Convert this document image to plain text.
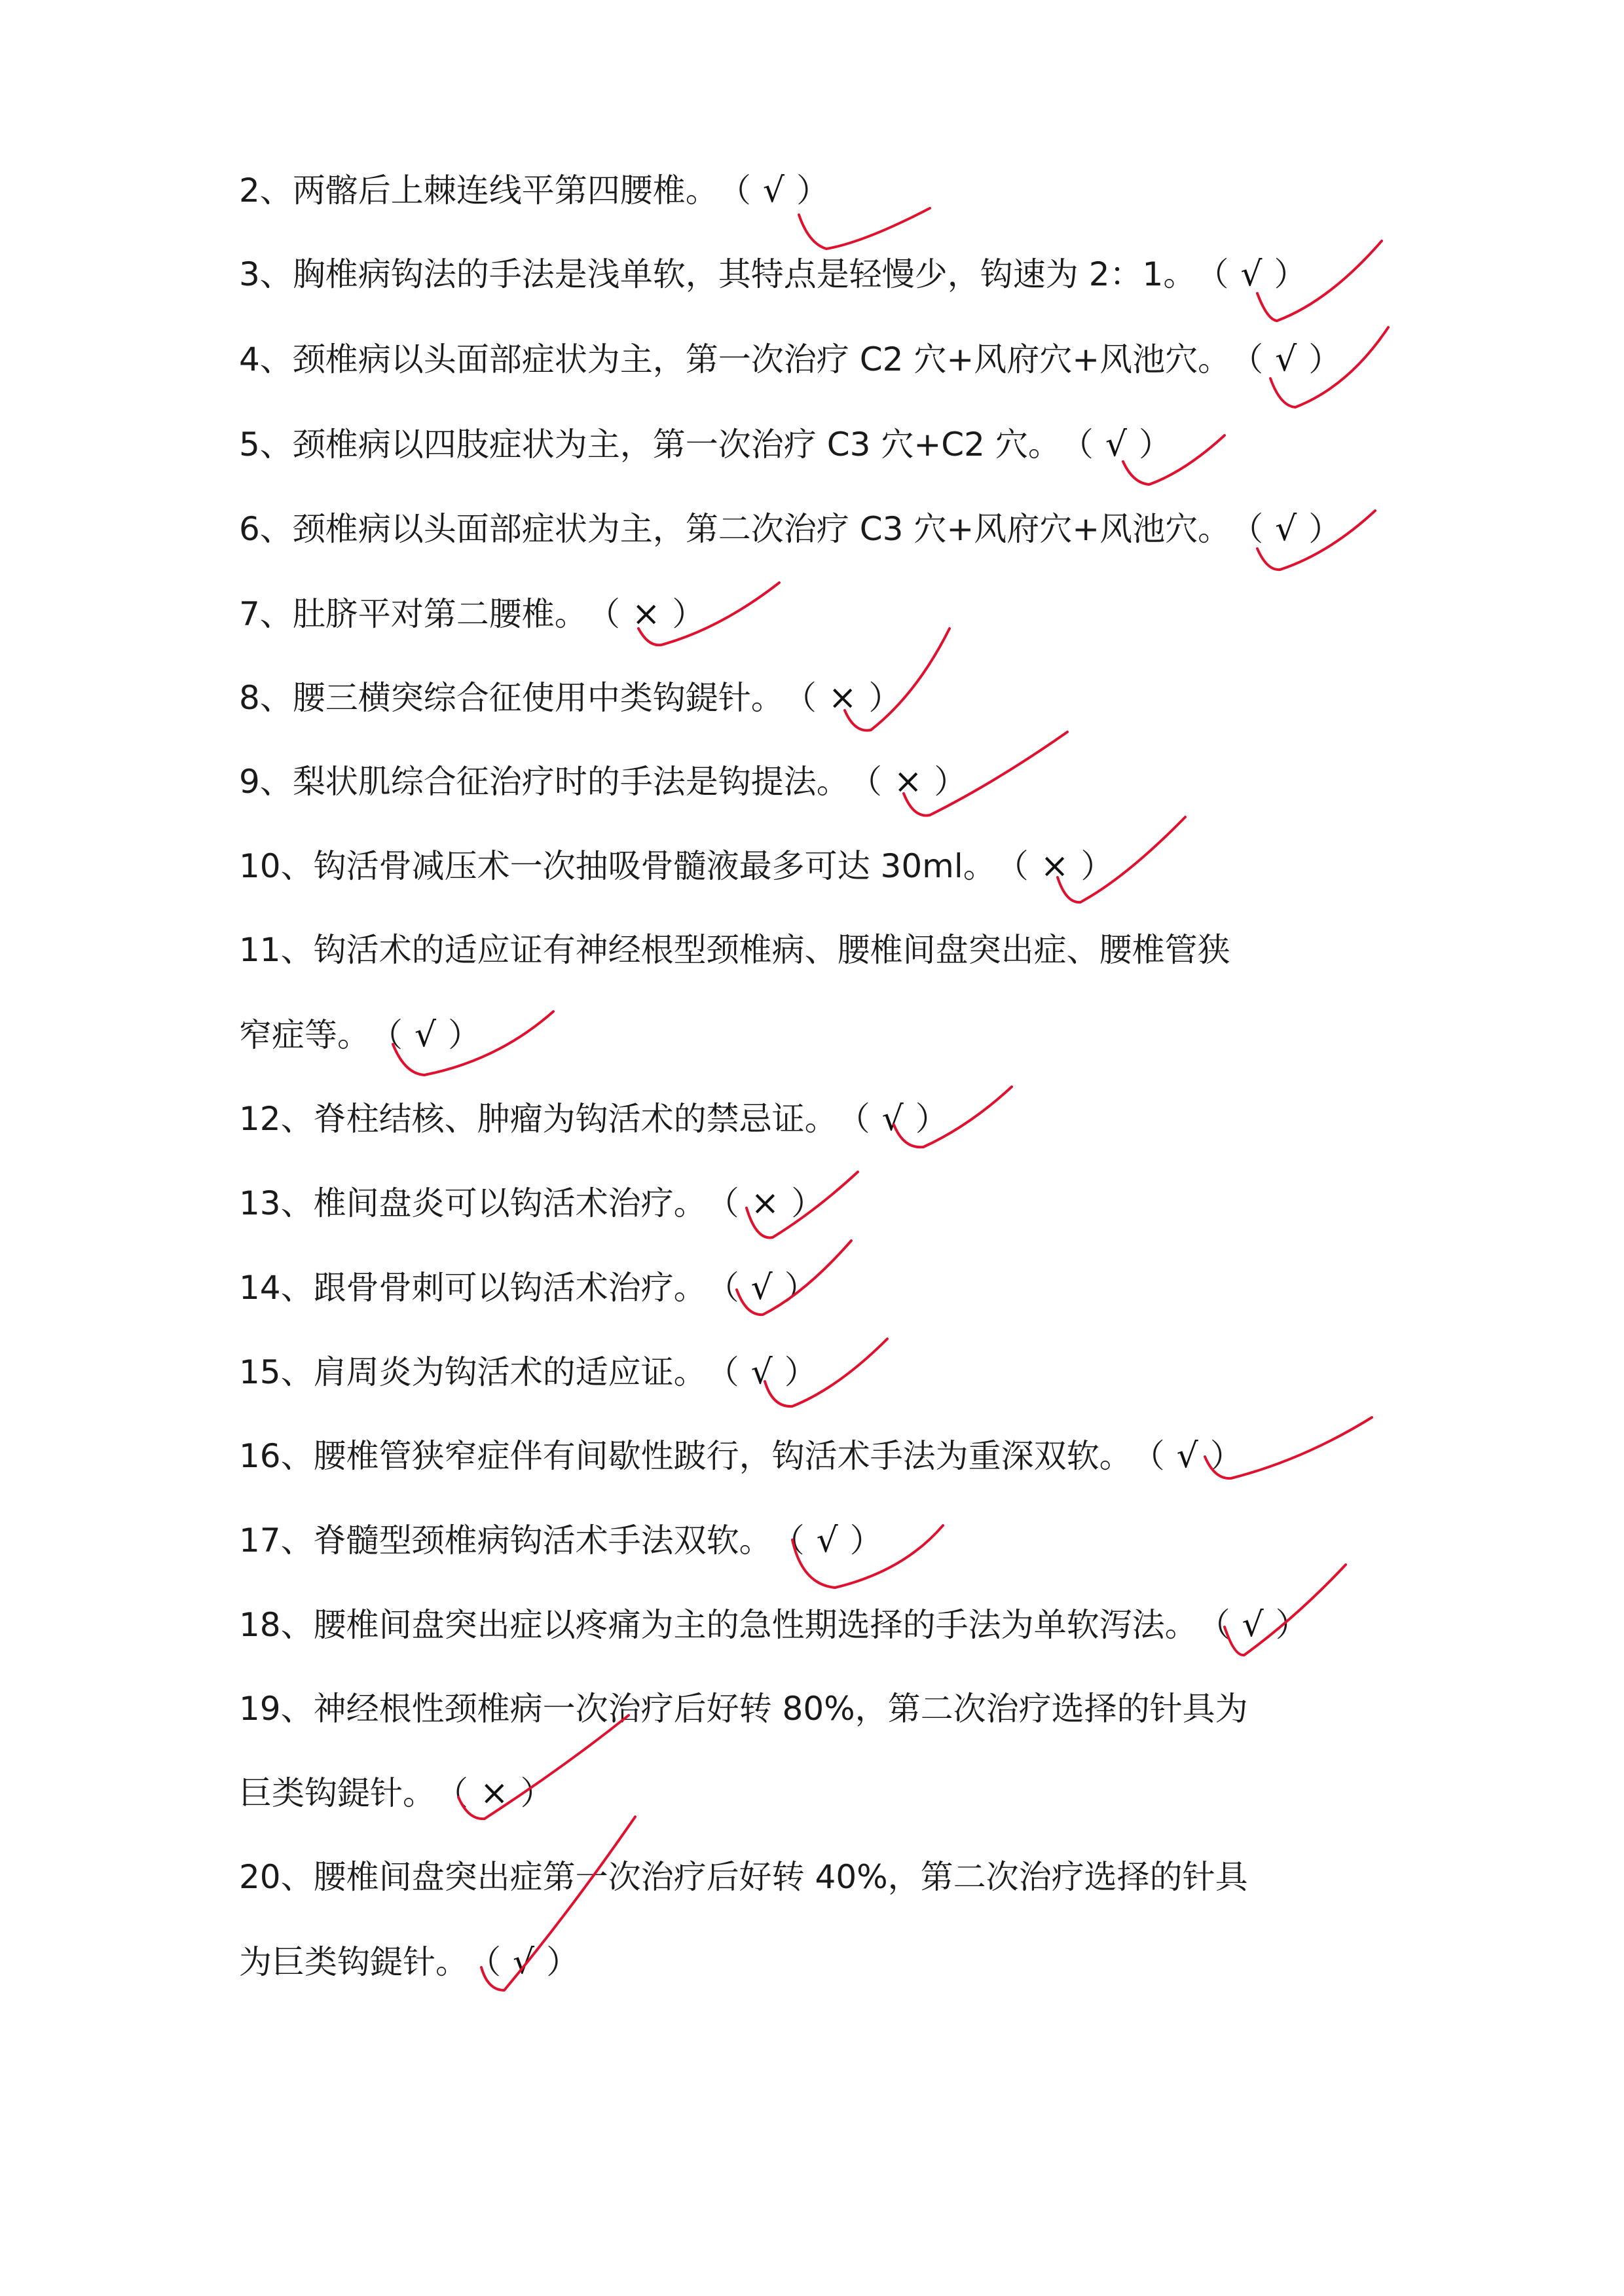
2、两髂后上棘连线平第四腰椎。（ √ ）
3、胸椎病钩法的手法是浅单软，其特点是轻慢少，钩速为 2：1。（ √ ）
4、颈椎病以头面部症状为主，第一次治疗 C2 穴+风府穴+风池穴。（ √ ）
5、颈椎病以四肢症状为主，第一次治疗 C3 穴+C2 穴。（ √ ）
6、颈椎病以头面部症状为主，第二次治疗 C3 穴+风府穴+风池穴。（ √ ）
7、肚脐平对第二腰椎。（ × ）
8、腰三横突综合征使用中类钩鍉针。（ × ）
9、梨状肌综合征治疗时的手法是钩提法。（ × ）
10、钩活骨减压术一次抽吸骨髓液最多可达 30ml。（ × ）
11、钩活术的适应证有神经根型颈椎病、腰椎间盘突出症、腰椎管狭
窄症等。（ √ ）
12、脊柱结核、肿瘤为钩活术的禁忌证。（ √ ）
13、椎间盘炎可以钩活术治疗。（ × ）
14、跟骨骨刺可以钩活术治疗。（ √ ）
15、肩周炎为钩活术的适应证。（ √ ）
16、腰椎管狭窄症伴有间歇性跛行，钩活术手法为重深双软。（ √ ）
17、脊髓型颈椎病钩活术手法双软。（ √ ）
18、腰椎间盘突出症以疼痛为主的急性期选择的手法为单软泻法。（ √ ）
19、神经根性颈椎病一次治疗后好转 80%，第二次治疗选择的针具为
巨类钩鍉针。（ × ）
20、腰椎间盘突出症第一次治疗后好转 40%，第二次治疗选择的针具
为巨类钩鍉针。（ √ ）
